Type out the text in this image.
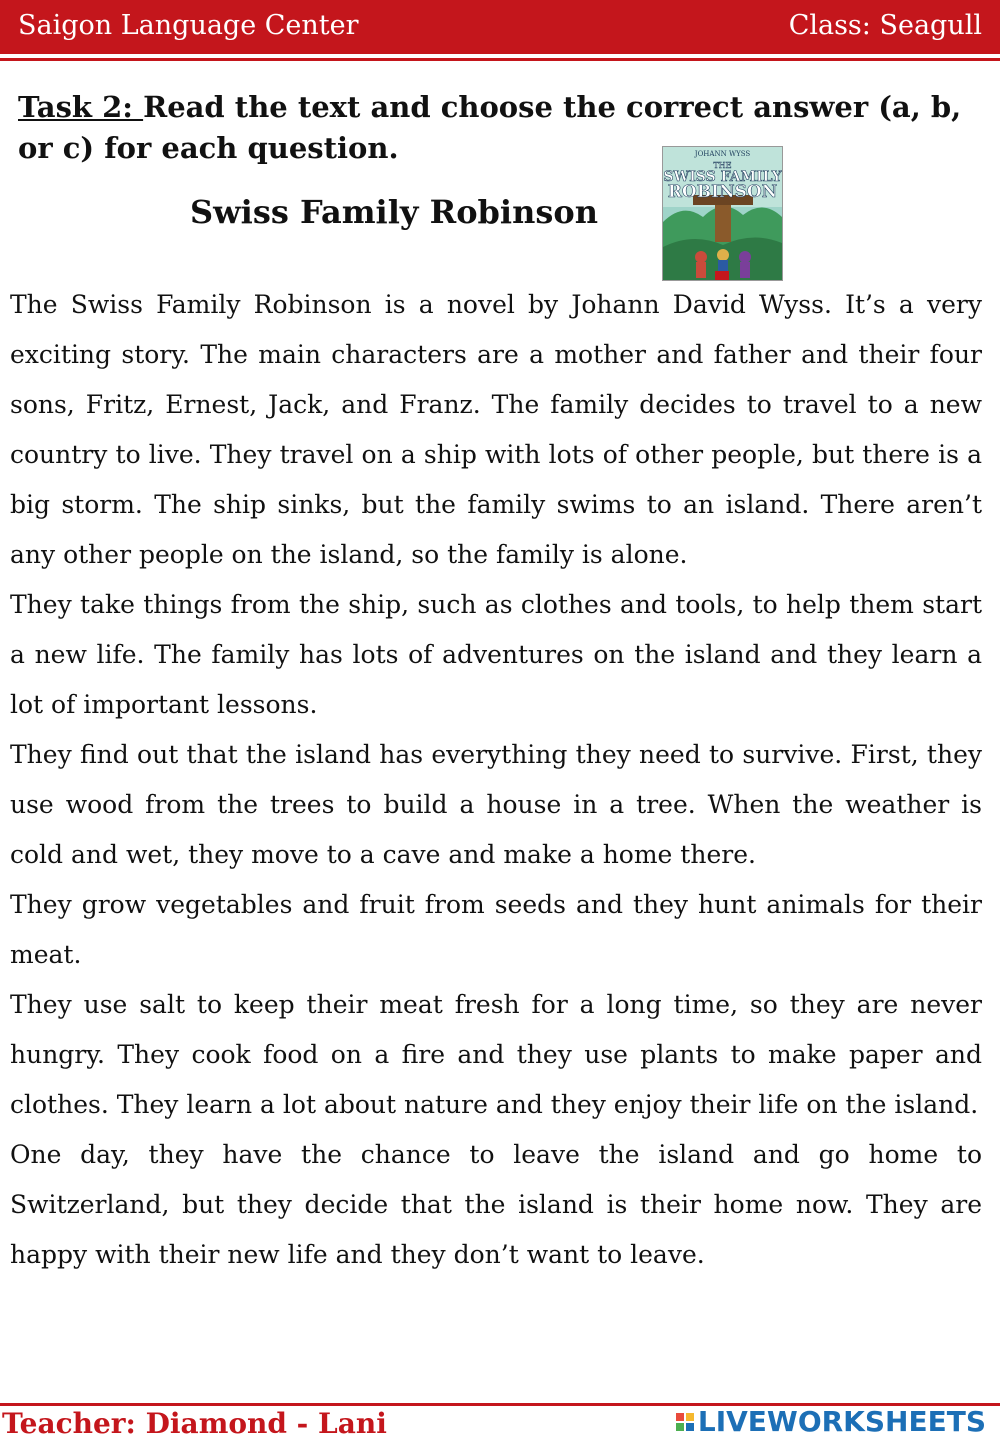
Saigon Language Center	Class: Seagull
Task 2: Read the text and choose the correct answer (a, b, or c) for each question.
Swiss Family Robinson
JOHANN WYSS
THE
SWISS FAMILY
ROBINSON

The Swiss Family Robinson is a novel by Johann David Wyss. It’s a very exciting story. The main characters are a mother and father and their four sons, Fritz, Ernest, Jack, and Franz. The family decides to travel to a new country to live. They travel on a ship with lots of other people, but there is a big storm. The ship sinks, but the family swims to an island. There aren’t any other people on the island, so the family is alone.

They take things from the ship, such as clothes and tools, to help them start a new life. The family has lots of adventures on the island and they learn a lot of important lessons.

They find out that the island has everything they need to survive. First, they use wood from the trees to build a house in a tree. When the weather is cold and wet, they move to a cave and make a home there.

They grow vegetables and fruit from seeds and they hunt animals for their meat.

They use salt to keep their meat fresh for a long time, so they are never hungry. They cook food on a fire and they use plants to make paper and clothes. They learn a lot about nature and they enjoy their life on the island.

One day, they have the chance to leave the island and go home to Switzerland, but they decide that the island is their home now. They are happy with their new life and they don’t want to leave.

Teacher: Diamond - Lani	LIVEWORKSHEETS
